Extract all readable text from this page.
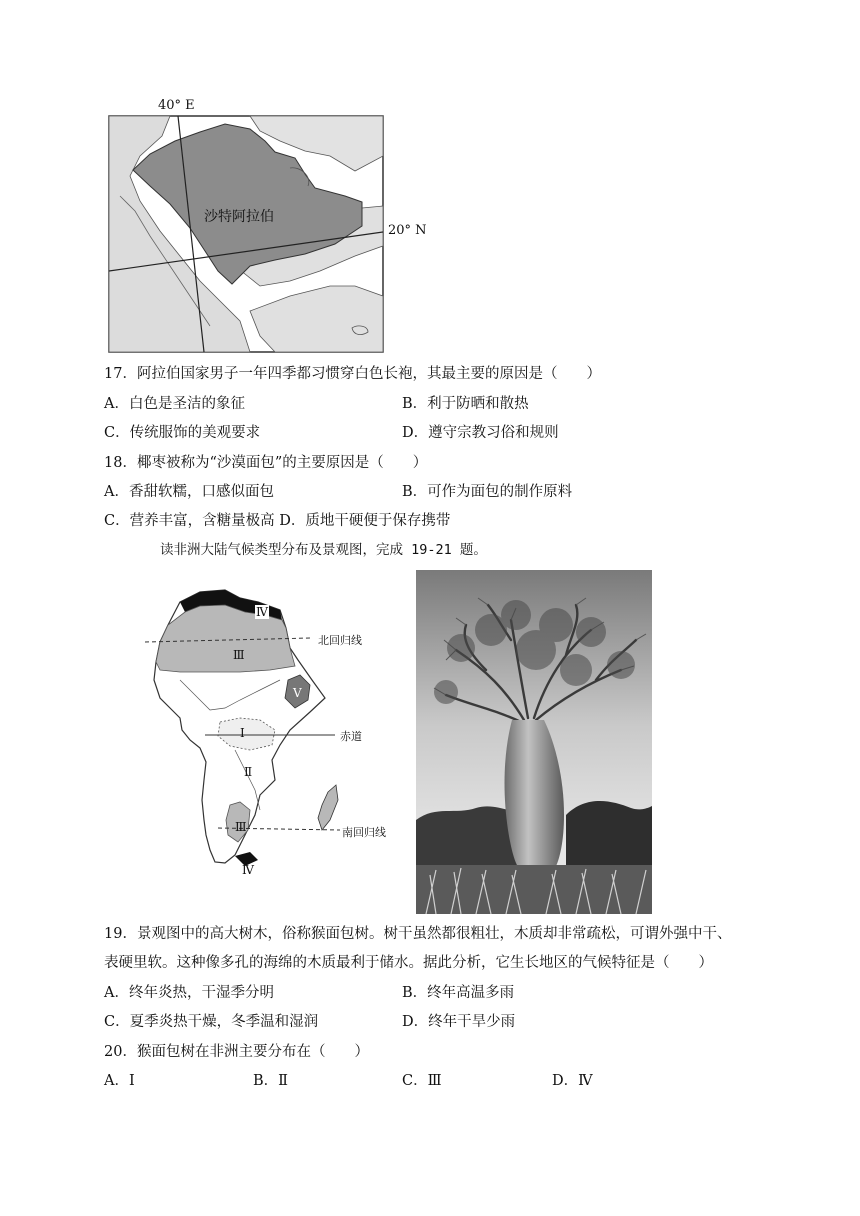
40° E
20° N
沙特阿拉伯
17．阿拉伯国家男子一年四季都习惯穿白色长袍，其最主要的原因是（　　）
A．白色是圣洁的象征	B．利于防晒和散热
C．传统服饰的美观要求	D．遵守宗教习俗和规则
18．椰枣被称为“沙漠面包”的主要原因是（　　）
A．香甜软糯，口感似面包	B．可作为面包的制作原料
C．营养丰富，含糖量极高 D．质地干硬便于保存携带
读非洲大陆气候类型分布及景观图，完成 19-21 题。
北回归线
赤道
南回归线
Ⅰ
Ⅱ
Ⅲ
Ⅲ
Ⅳ
Ⅳ
Ⅴ
19．景观图中的高大树木，俗称猴面包树。树干虽然都很粗壮，木质却非常疏松，可谓外强中干、
表硬里软。这种像多孔的海绵的木质最利于储水。据此分析，它生长地区的气候特征是（　　）
A．终年炎热，干湿季分明	B．终年高温多雨
C．夏季炎热干燥，冬季温和湿润	D．终年干旱少雨
20．猴面包树在非洲主要分布在（　　）
A．Ⅰ	B．Ⅱ	C．Ⅲ	D．Ⅳ
